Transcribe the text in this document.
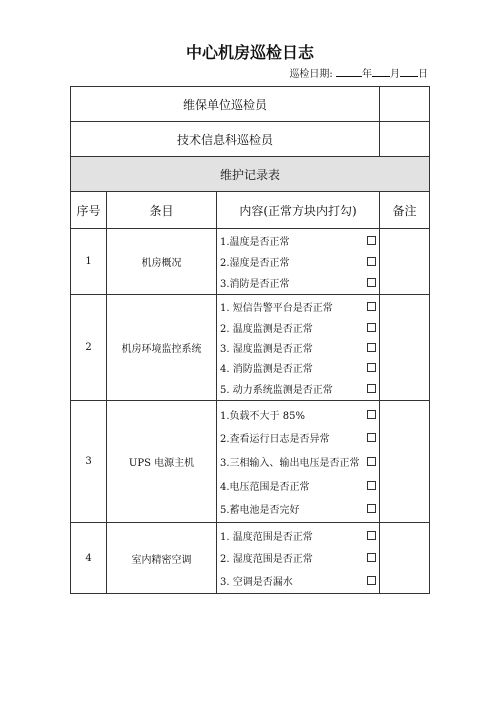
中心机房巡检日志
巡检日期:	年 月 日
维保单位巡检员			
技术信息科巡检员			
维护记录表			
序号	条目	内容(正常方块内打勾)	备注
1	机房概况	1.温度是否正常
2.湿度是否正常
3.消防是否正常	

2	机房环境监控系统	1. 短信告警平台是否正常
2. 温度监测是否正常
3. 湿度监测是否正常
4. 消防监测是否正常
5. 动力系统监测是否正常	

3	UPS 电源主机	1.负载不大于 85%
2.查看运行日志是否异常
3.三相输入、输出电压是否正常
4.电压范围是否正常
5.蓄电池是否完好	

4	室内精密空调	1. 温度范围是否正常
2. 湿度范围是否正常
3. 空调是否漏水	
